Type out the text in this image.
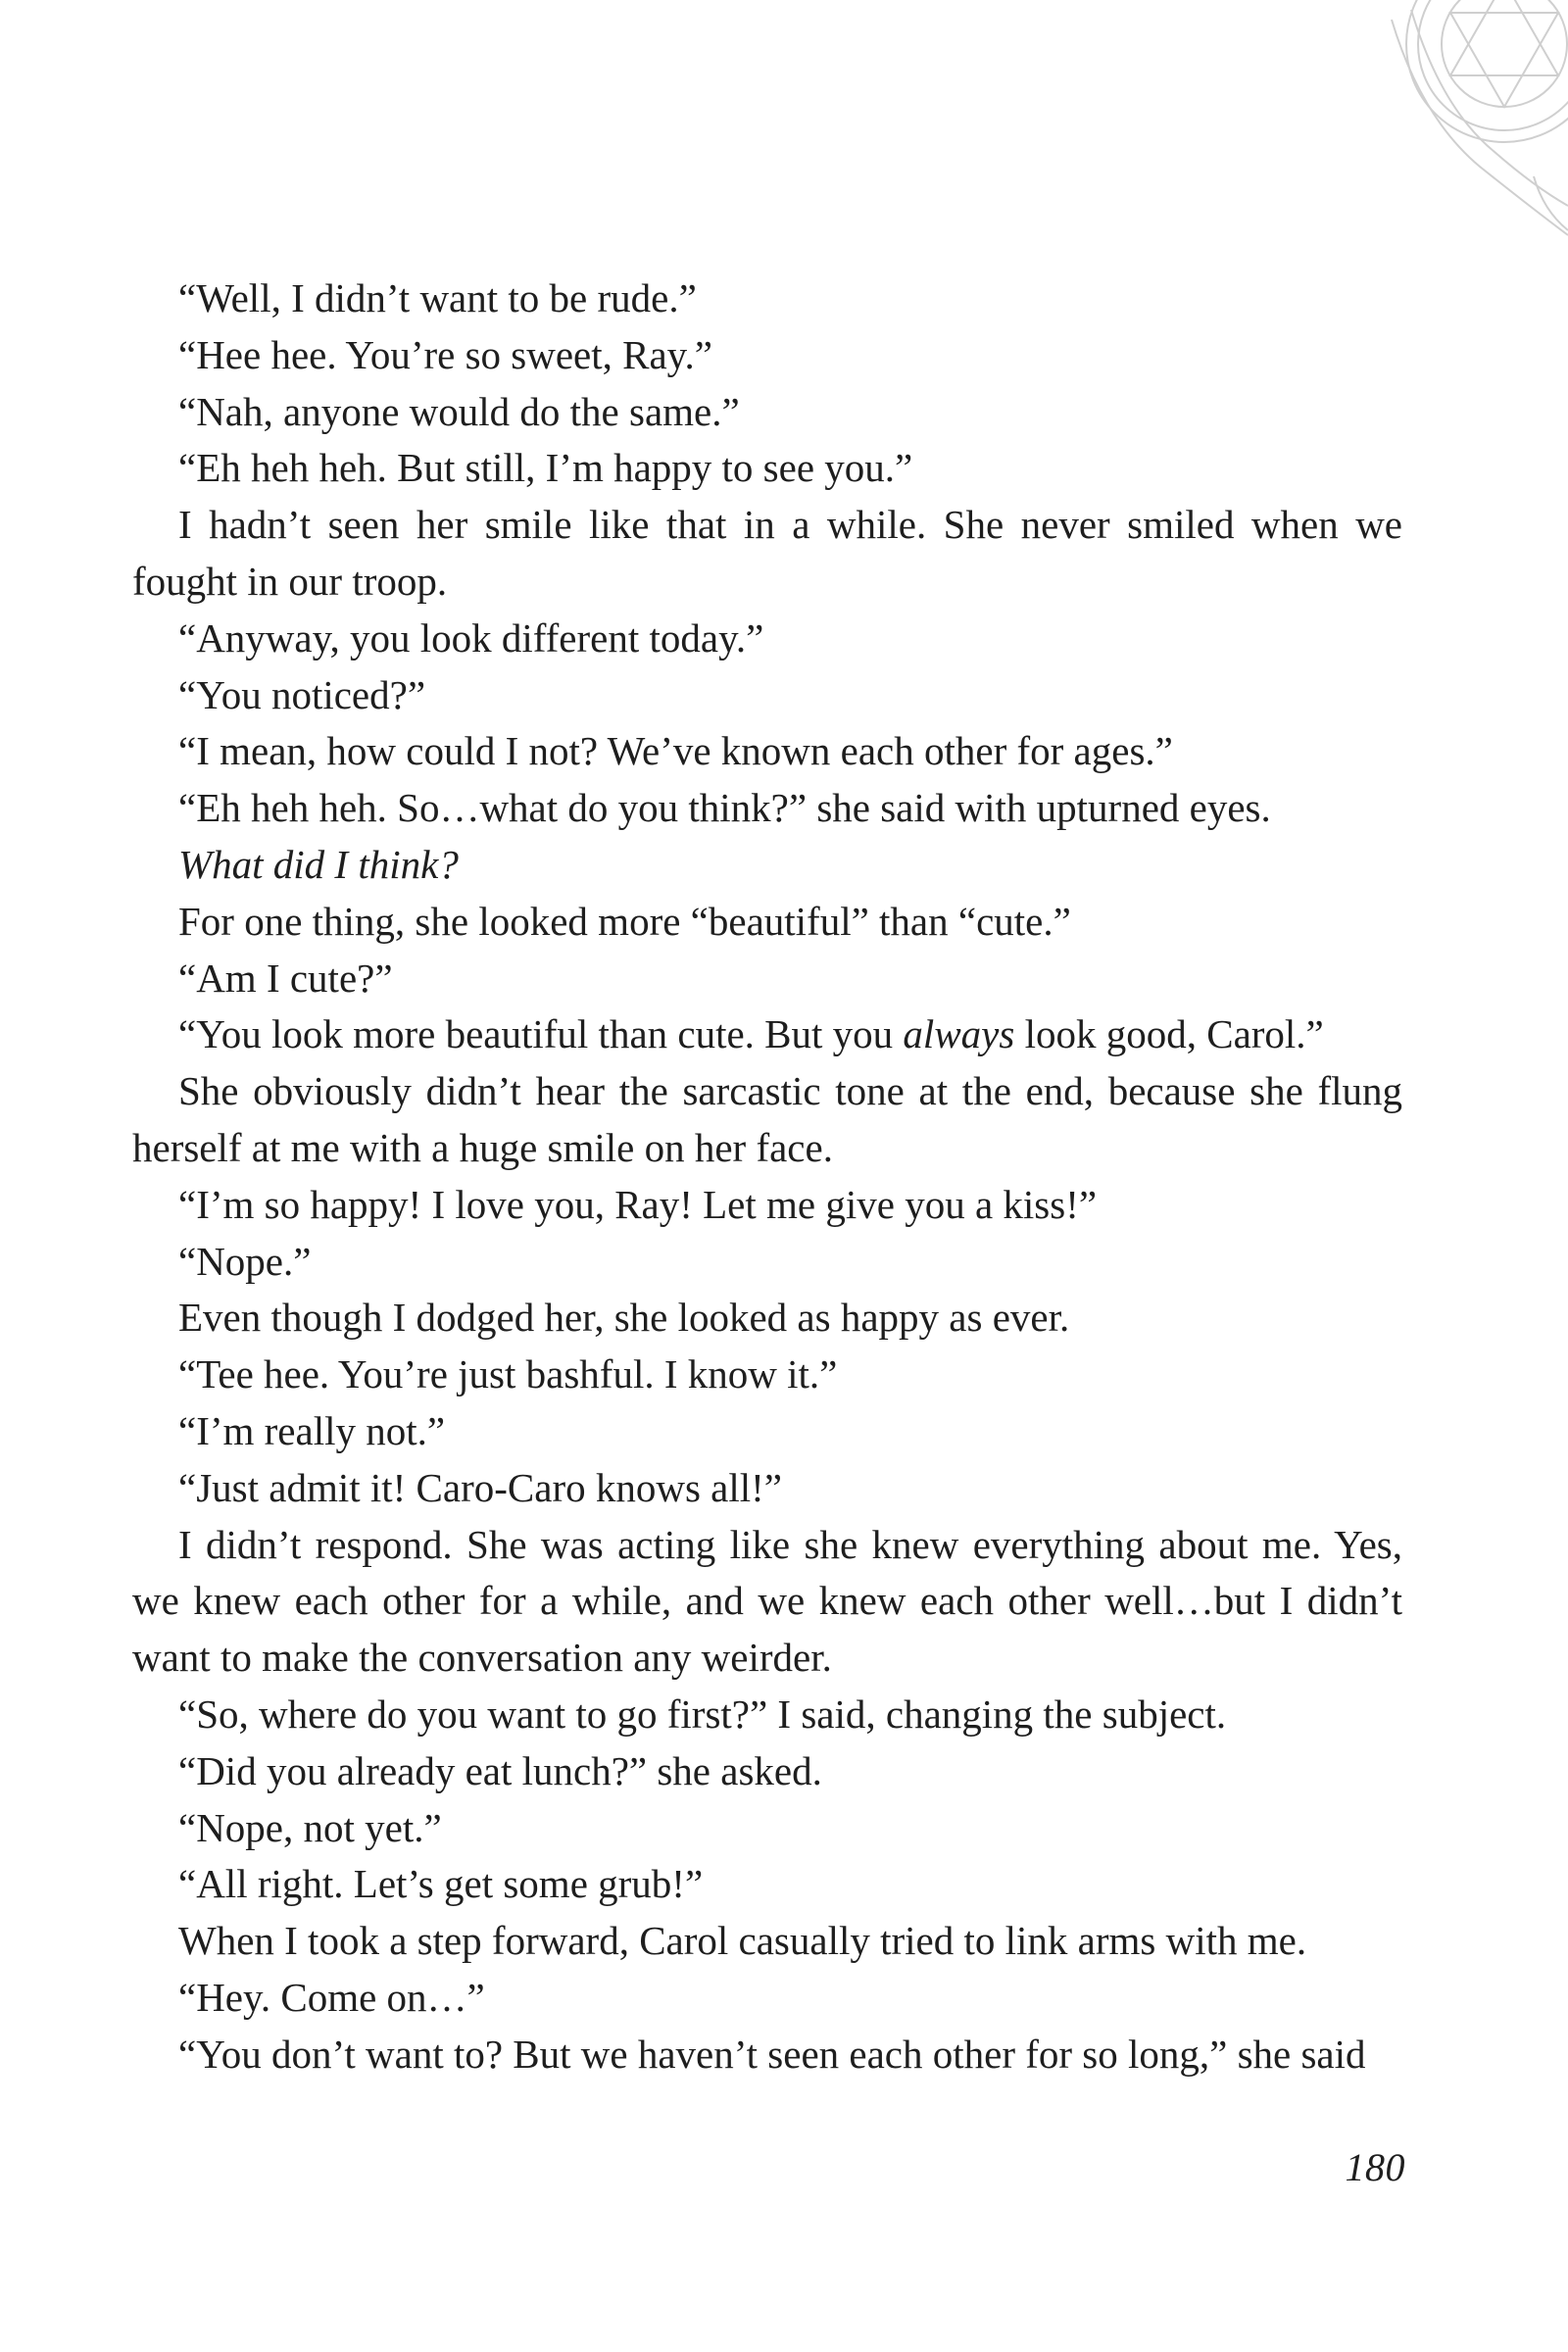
“Well, I didn’t want to be rude.”

“Hee hee. You’re so sweet, Ray.”

“Nah, anyone would do the same.”

“Eh heh heh. But still, I’m happy to see you.”

I hadn’t seen her smile like that in a while. She never smiled when we fought in our troop.

“Anyway, you look different today.”

“You noticed?”

“I mean, how could I not? We’ve known each other for ages.”

“Eh heh heh. So…what do you think?” she said with upturned eyes.

What did I think?

For one thing, she looked more “beautiful” than “cute.”

“Am I cute?”

“You look more beautiful than cute. But you always look good, Carol.”

She obviously didn’t hear the sarcastic tone at the end, because she flung herself at me with a huge smile on her face.

“I’m so happy! I love you, Ray! Let me give you a kiss!”

“Nope.”

Even though I dodged her, she looked as happy as ever.

“Tee hee. You’re just bashful. I know it.”

“I’m really not.”

“Just admit it! Caro-Caro knows all!”

I didn’t respond. She was acting like she knew everything about me. Yes, we knew each other for a while, and we knew each other well…but I didn’t want to make the conversation any weirder.

“So, where do you want to go first?” I said, changing the subject.

“Did you already eat lunch?” she asked.

“Nope, not yet.”

“All right. Let’s get some grub!”

When I took a step forward, Carol casually tried to link arms with me.

“Hey. Come on…”

“You don’t want to? But we haven’t seen each other for so long,” she said

180
